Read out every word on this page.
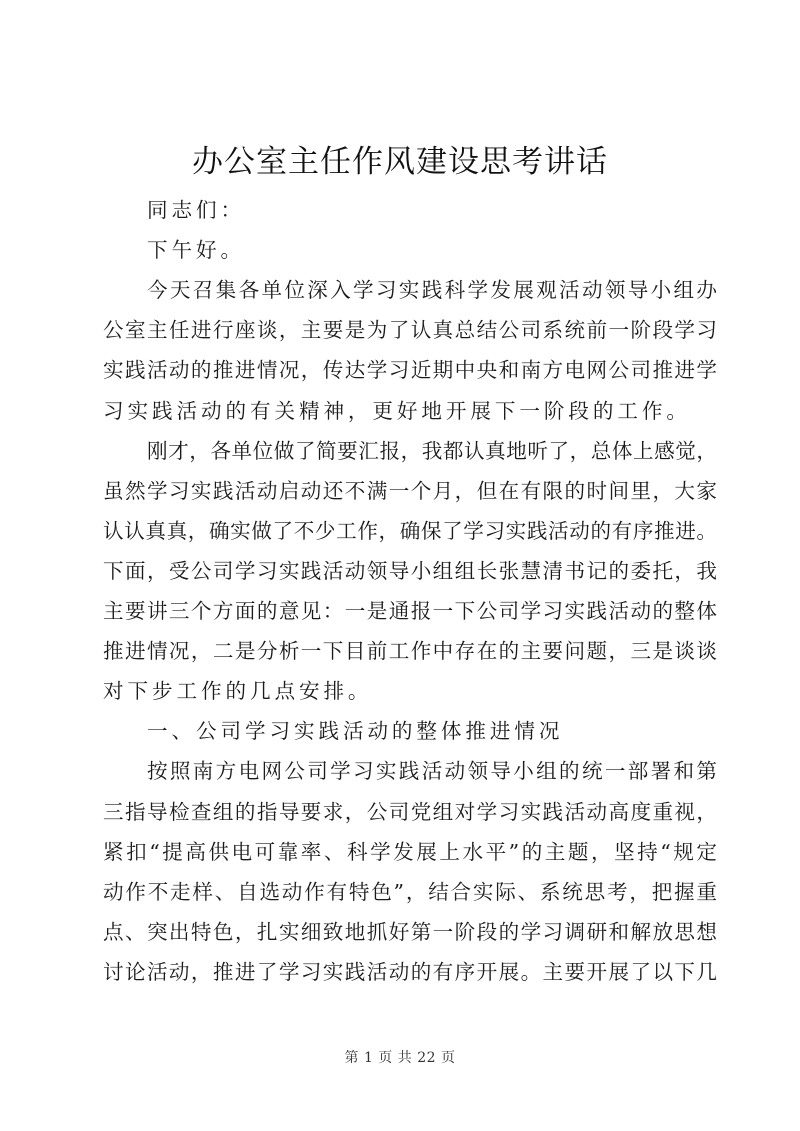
办公室主任作风建设思考讲话
同志们：
下午好。
今天召集各单位深入学习实践科学发展观活动领导小组办
公室主任进行座谈，主要是为了认真总结公司系统前一阶段学习
实践活动的推进情况，传达学习近期中央和南方电网公司推进学
习实践活动的有关精神，更好地开展下一阶段的工作。
刚才，各单位做了简要汇报，我都认真地听了，总体上感觉，
虽然学习实践活动启动还不满一个月，但在有限的时间里，大家
认认真真，确实做了不少工作，确保了学习实践活动的有序推进。
下面，受公司学习实践活动领导小组组长张慧清书记的委托，我
主要讲三个方面的意见：一是通报一下公司学习实践活动的整体
推进情况，二是分析一下目前工作中存在的主要问题，三是谈谈
对下步工作的几点安排。
一、公司学习实践活动的整体推进情况
按照南方电网公司学习实践活动领导小组的统一部署和第
三指导检查组的指导要求，公司党组对学习实践活动高度重视，
紧扣“提高供电可靠率、科学发展上水平”的主题，坚持“规定
动作不走样、自选动作有特色”，结合实际、系统思考，把握重
点、突出特色，扎实细致地抓好第一阶段的学习调研和解放思想
讨论活动，推进了学习实践活动的有序开展。主要开展了以下几
第 1 页 共 22 页
